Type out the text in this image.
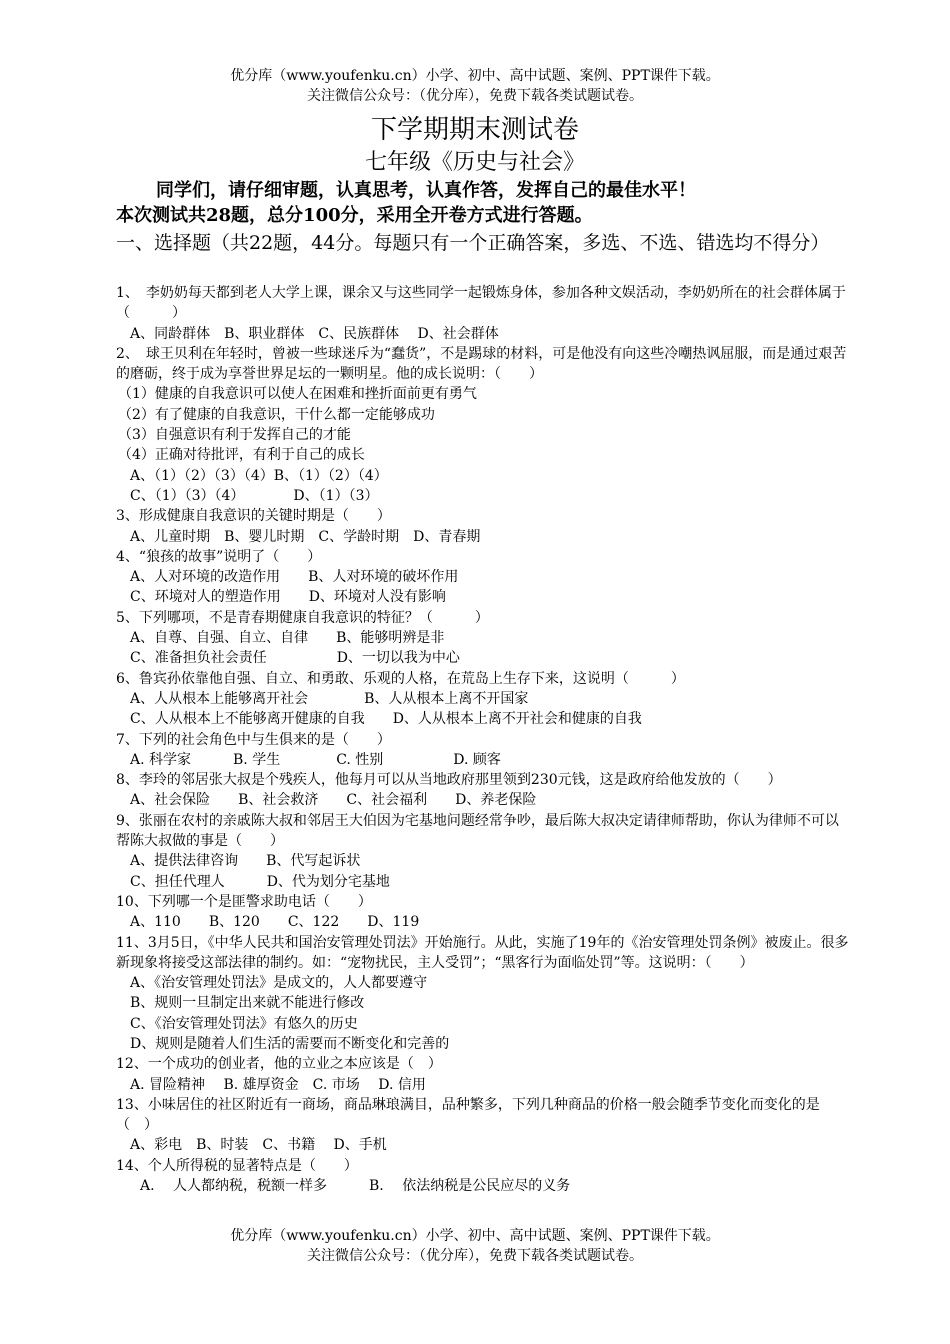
优分库（www.youfenku.cn）小学、初中、高中试题、案例、PPT课件下载。
关注微信公众号：（优分库），免费下载各类试题试卷。
下学期期末测试卷
七年级《历史与社会》
同学们，请仔细审题，认真思考，认真作答，发挥自己的最佳水平！
本次测试共28题，总分100分，采用全开卷方式进行答题。
一、选择题（共22题，44分。每题只有一个正确答案，多选、不选、错选均不得分）
1、　李奶奶每天都到老人大学上课，课余又与这些同学一起锻炼身体，参加各种文娱活动，李奶奶所在的社会群体属于（　　　）
A、同龄群体　B、职业群体　C、民族群体　 D、社会群体
2、　球王贝利在年轻时，曾被一些球迷斥为“蠢货”，不是踢球的材料，可是他没有向这些冷嘲热讽屈服，而是通过艰苦的磨砺，终于成为享誉世界足坛的一颗明星。他的成长说明：（　　）
（1）健康的自我意识可以使人在困难和挫折面前更有勇气
（2）有了健康的自我意识，干什么都一定能够成功
（3）自强意识有利于发挥自己的才能
（4）正确对待批评，有利于自己的成长
A、（1）（2）（3）（4）B、（1）（2）（4）
C、（1）（3）（4）　　　　D、（1）（3）
3、形成健康自我意识的关键时期是（　　）
A、儿童时期　B、婴儿时期　C、学龄时期　D、青春期
4、“狼孩的故事”说明了（　　）
A、人对环境的改造作用　　B、人对环境的破坏作用
C、环境对人的塑造作用　　D、环境对人没有影响
5、下列哪项，不是青春期健康自我意识的特征？（　　　）
A、自尊、自强、自立、自律　　B、能够明辨是非
C、准备担负社会责任　　　　　D、一切以我为中心
6、鲁宾孙依靠他自强、自立、和勇敢、乐观的人格，在荒岛上生存下来，这说明（　　　）
A、人从根本上能够离开社会　　　　B、人从根本上离不开国家
C、人从根本上不能够离开健康的自我　　D、人从根本上离不开社会和健康的自我
7、下列的社会角色中与生俱来的是（　　）
A. 科学家　　　B. 学生　　　　C. 性别　　　　　D. 顾客
8、李玲的邻居张大叔是个残疾人，他每月可以从当地政府那里领到230元钱，这是政府给他发放的（　　）
A、社会保险　　B、社会救济　　C、社会福利　　D、养老保险
9、张丽在农村的亲戚陈大叔和邻居王大伯因为宅基地问题经常争吵，最后陈大叔决定请律师帮助，你认为律师不可以帮陈大叔做的事是（　　）
A、提供法律咨询　　B、代写起诉状
C、担任代理人　　　D、代为划分宅基地
10、下列哪一个是匪警求助电话（　　）
A、110　　B、120　　C、122　　D、119
11、3月5日，《中华人民共和国治安管理处罚法》开始施行。从此，实施了19年的《治安管理处罚条例》被废止。很多新现象将接受这部法律的制约。如：“宠物扰民，主人受罚”；“黑客行为面临处罚”等。这说明：（　　）
A、《治安管理处罚法》是成文的，人人都要遵守
B、规则一旦制定出来就不能进行修改
C、《治安管理处罚法》有悠久的历史
D、规则是随着人们生活的需要而不断变化和完善的
12、一个成功的创业者，他的立业之本应该是（　）
A. 冒险精神　 B. 雄厚资金　C. 市场　 D. 信用
13、小味居住的社区附近有一商场，商品琳琅满目，品种繁多，下列几种商品的价格一般会随季节变化而变化的是（　）
A、彩电　B、时装　C、书籍　 D、手机
14、个人所得税的显著特点是（　　）
A.　 人人都纳税，税额一样多　　　B.　 依法纳税是公民应尽的义务
优分库（www.youfenku.cn）小学、初中、高中试题、案例、PPT课件下载。
关注微信公众号：（优分库），免费下载各类试题试卷。
